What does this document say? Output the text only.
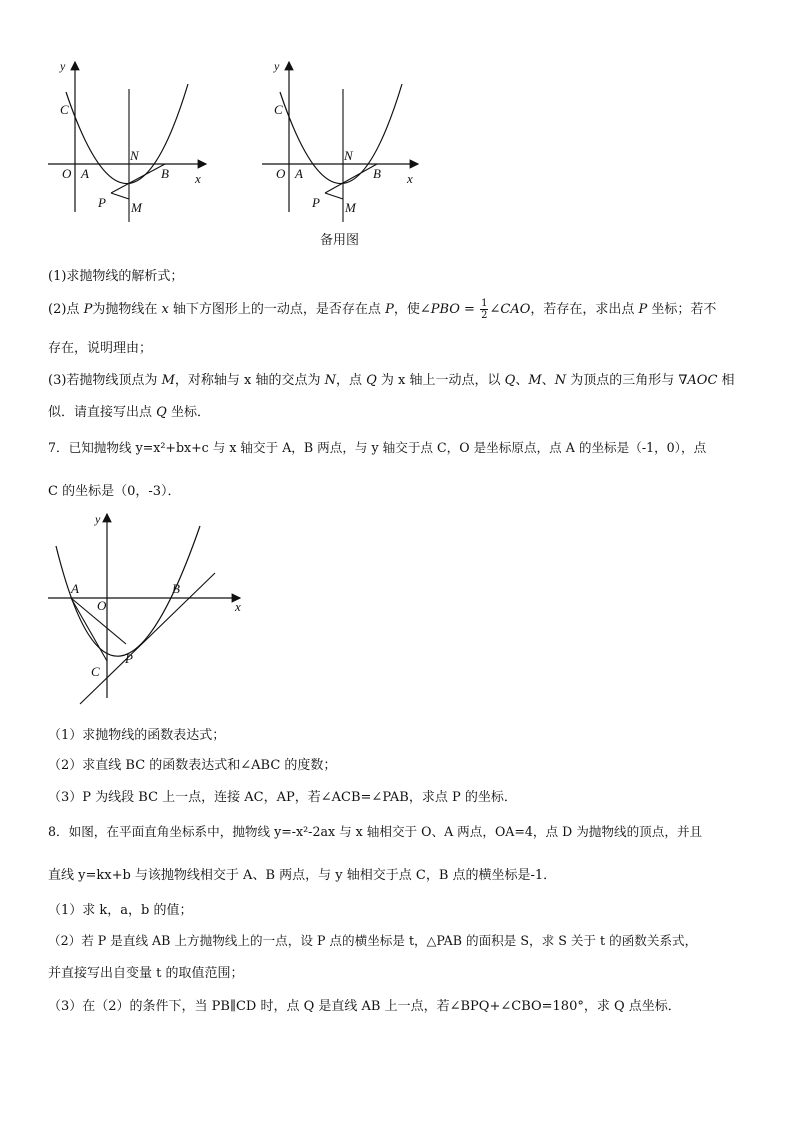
y
C
O A
N
B x
P M
y
C
O A
N
B x
P M
备用图
(1)求抛物线的解析式；
(2)点 P为抛物线在 x 轴下方图形上的一动点，是否存在点 P，使∠PBO = $\frac{1}{2}$ ∠CAO，若存在，求出点 P 坐标；若不
存在，说明理由；
(3)若抛物线顶点为 M，对称轴与 x 轴的交点为 N，点 Q 为 x 轴上一动点，以 Q、M、N 为顶点的三角形与 ∇AOC 相
似．请直接写出点 Q 坐标．
7．已知抛物线 y=x²+bx+c 与 x 轴交于 A，B 两点，与 y 轴交于点 C，O 是坐标原点，点 A 的坐标是（-1，0），点
C 的坐标是（0，-3）．
y
A
O
B
x
P
C
（1）求抛物线的函数表达式；
（2）求直线 BC 的函数表达式和∠ABC 的度数；
（3）P 为线段 BC 上一点，连接 AC，AP，若∠ACB=∠PAB，求点 P 的坐标．
8．如图，在平面直角坐标系中，抛物线 y=-x²-2ax 与 x 轴相交于 O、A 两点，OA=4，点 D 为抛物线的顶点，并且
直线 y=kx+b 与该抛物线相交于 A、B 两点，与 y 轴相交于点 C，B 点的横坐标是-1．
（1）求 k，a，b 的值；
（2）若 P 是直线 AB 上方抛物线上的一点，设 P 点的横坐标是 t，△PAB 的面积是 S，求 S 关于 t 的函数关系式，
并直接写出自变量 t 的取值范围；
（3）在（2）的条件下，当 PB∥CD 时，点 Q 是直线 AB 上一点，若∠BPQ+∠CBO=180°，求 Q 点坐标．
